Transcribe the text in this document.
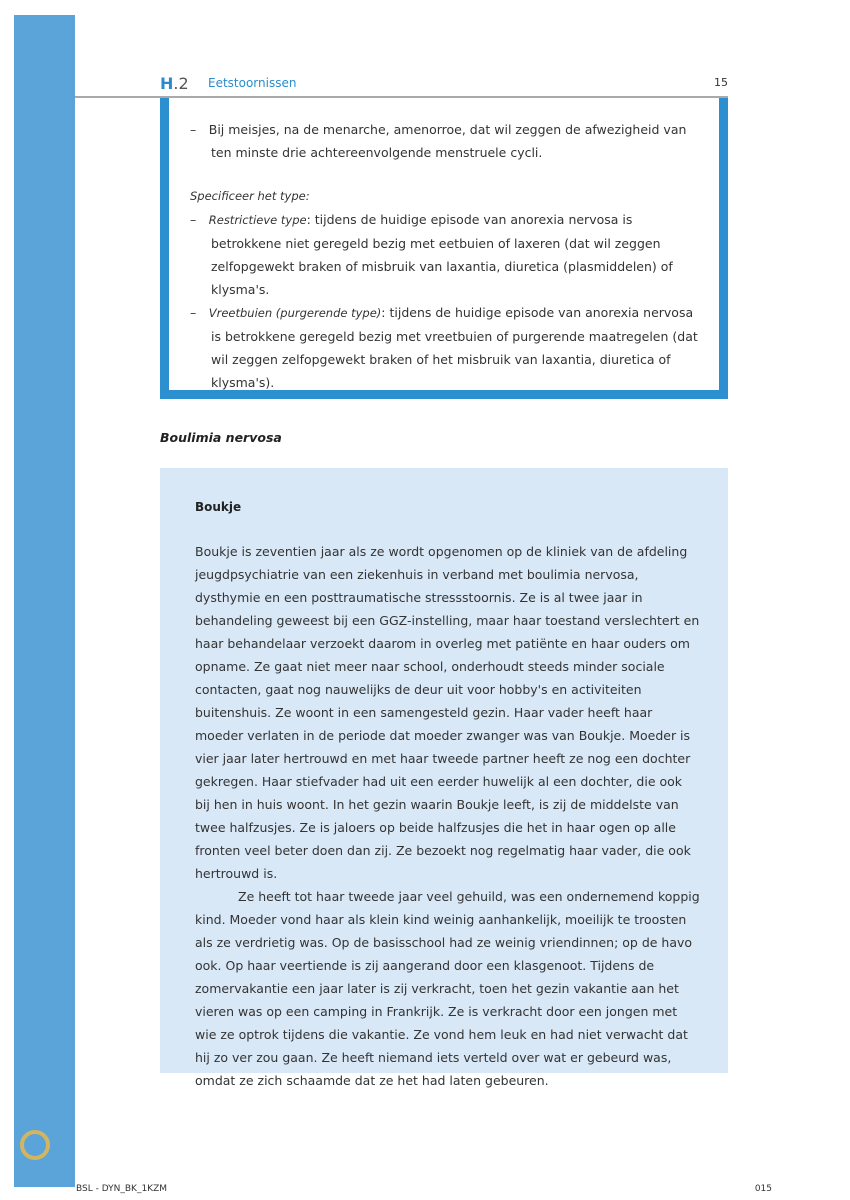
H.2 Eetstoornissen	15

– Bij meisjes, na de menarche, amenorroe, dat wil zeggen de afwezigheid van ten minste drie achtereenvolgende menstruele cycli.

Specificeer het type:

– Restrictieve type: tijdens de huidige episode van anorexia nervosa is betrokkene niet geregeld bezig met eetbuien of laxeren (dat wil zeggen zelfopgewekt braken of misbruik van laxantia, diuretica (plasmiddelen) of klysma's.

– Vreetbuien (purgerende type): tijdens de huidige episode van anorexia nervosa is betrokkene geregeld bezig met vreetbuien of purgerende maatregelen (dat wil zeggen zelfopgewekt braken of het misbruik van laxantia, diuretica of klysma's).

Boulimia nervosa
Boukje

Boukje is zeventien jaar als ze wordt opgenomen op de kliniek van de afdeling jeugdpsychiatrie van een ziekenhuis in verband met boulimia nervosa, dysthymie en een posttraumatische stressstoornis. Ze is al twee jaar in behandeling geweest bij een GGZ-instelling, maar haar toestand verslechtert en haar behandelaar verzoekt daarom in overleg met patiënte en haar ouders om opname. Ze gaat niet meer naar school, onderhoudt steeds minder sociale contacten, gaat nog nauwelijks de deur uit voor hobby's en activiteiten buitenshuis. Ze woont in een samengesteld gezin. Haar vader heeft haar moeder verlaten in de periode dat moeder zwanger was van Boukje. Moeder is vier jaar later hertrouwd en met haar tweede partner heeft ze nog een dochter gekregen. Haar stiefvader had uit een eerder huwelijk al een dochter, die ook bij hen in huis woont. In het gezin waarin Boukje leeft, is zij de middelste van twee halfzusjes. Ze is jaloers op beide halfzusjes die het in haar ogen op alle fronten veel beter doen dan zij. Ze bezoekt nog regelmatig haar vader, die ook hertrouwd is.

Ze heeft tot haar tweede jaar veel gehuild, was een ondernemend koppig kind. Moeder vond haar als klein kind weinig aanhankelijk, moeilijk te troosten als ze verdrietig was. Op de basisschool had ze weinig vriendinnen; op de havo ook. Op haar veertiende is zij aangerand door een klasgenoot. Tijdens de zomervakantie een jaar later is zij verkracht, toen het gezin vakantie aan het vieren was op een camping in Frankrijk. Ze is verkracht door een jongen met wie ze optrok tijdens die vakantie. Ze vond hem leuk en had niet verwacht dat hij zo ver zou gaan. Ze heeft niemand iets verteld over wat er gebeurd was, omdat ze zich schaamde dat ze het had laten gebeuren.

BSL - DYN_BK_1KZM	015
